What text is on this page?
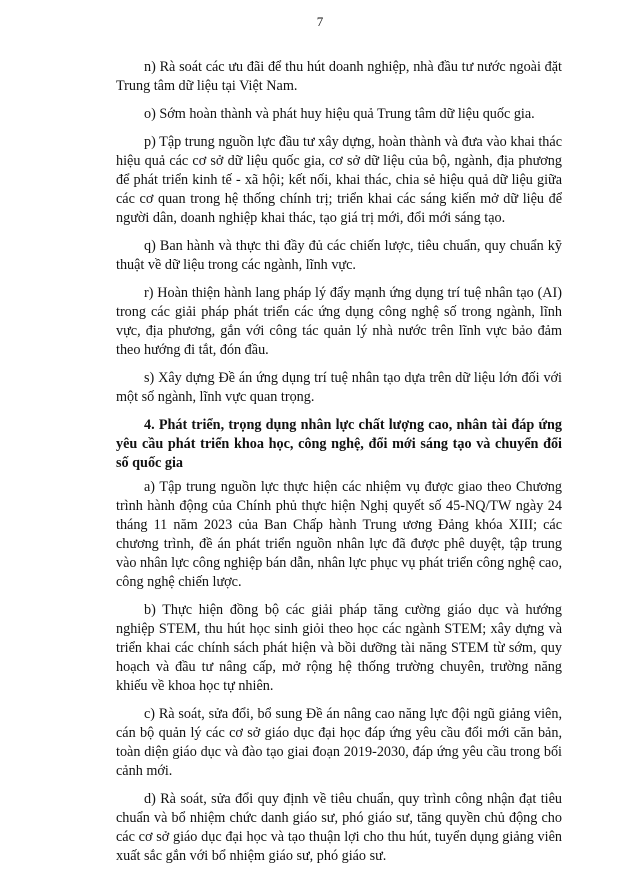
7

n) Rà soát các ưu đãi để thu hút doanh nghiệp, nhà đầu tư nước ngoài đặt Trung tâm dữ liệu tại Việt Nam.

o) Sớm hoàn thành và phát huy hiệu quả Trung tâm dữ liệu quốc gia.

p) Tập trung nguồn lực đầu tư xây dựng, hoàn thành và đưa vào khai thác hiệu quả các cơ sở dữ liệu quốc gia, cơ sở dữ liệu của bộ, ngành, địa phương để phát triển kinh tế - xã hội; kết nối, khai thác, chia sẻ hiệu quả dữ liệu giữa các cơ quan trong hệ thống chính trị; triển khai các sáng kiến mở dữ liệu để người dân, doanh nghiệp khai thác, tạo giá trị mới, đổi mới sáng tạo.

q) Ban hành và thực thi đầy đủ các chiến lược, tiêu chuẩn, quy chuẩn kỹ thuật về dữ liệu trong các ngành, lĩnh vực.

r) Hoàn thiện hành lang pháp lý đẩy mạnh ứng dụng trí tuệ nhân tạo (AI) trong các giải pháp phát triển các ứng dụng công nghệ số trong ngành, lĩnh vực, địa phương, gắn với công tác quản lý nhà nước trên lĩnh vực bảo đảm theo hướng đi tắt, đón đầu.

s) Xây dựng Đề án ứng dụng trí tuệ nhân tạo dựa trên dữ liệu lớn đối với một số ngành, lĩnh vực quan trọng.

4. Phát triển, trọng dụng nhân lực chất lượng cao, nhân tài đáp ứng yêu cầu phát triển khoa học, công nghệ, đổi mới sáng tạo và chuyển đổi số quốc gia

a) Tập trung nguồn lực thực hiện các nhiệm vụ được giao theo Chương trình hành động của Chính phủ thực hiện Nghị quyết số 45-NQ/TW ngày 24 tháng 11 năm 2023 của Ban Chấp hành Trung ương Đảng khóa XIII; các chương trình, đề án phát triển nguồn nhân lực đã được phê duyệt, tập trung vào nhân lực công nghiệp bán dẫn, nhân lực phục vụ phát triển công nghệ cao, công nghệ chiến lược.

b) Thực hiện đồng bộ các giải pháp tăng cường giáo dục và hướng nghiệp STEM, thu hút học sinh giỏi theo học các ngành STEM; xây dựng và triển khai các chính sách phát hiện và bồi dưỡng tài năng STEM từ sớm, quy hoạch và đầu tư nâng cấp, mở rộng hệ thống trường chuyên, trường năng khiếu về khoa học tự nhiên.

c) Rà soát, sửa đổi, bổ sung Đề án nâng cao năng lực đội ngũ giảng viên, cán bộ quản lý các cơ sở giáo dục đại học đáp ứng yêu cầu đổi mới căn bản, toàn diện giáo dục và đào tạo giai đoạn 2019-2030, đáp ứng yêu cầu trong bối cảnh mới.

d) Rà soát, sửa đổi quy định về tiêu chuẩn, quy trình công nhận đạt tiêu chuẩn và bổ nhiệm chức danh giáo sư, phó giáo sư, tăng quyền chủ động cho các cơ sở giáo dục đại học và tạo thuận lợi cho thu hút, tuyển dụng giảng viên xuất sắc gắn với bổ nhiệm giáo sư, phó giáo sư.
